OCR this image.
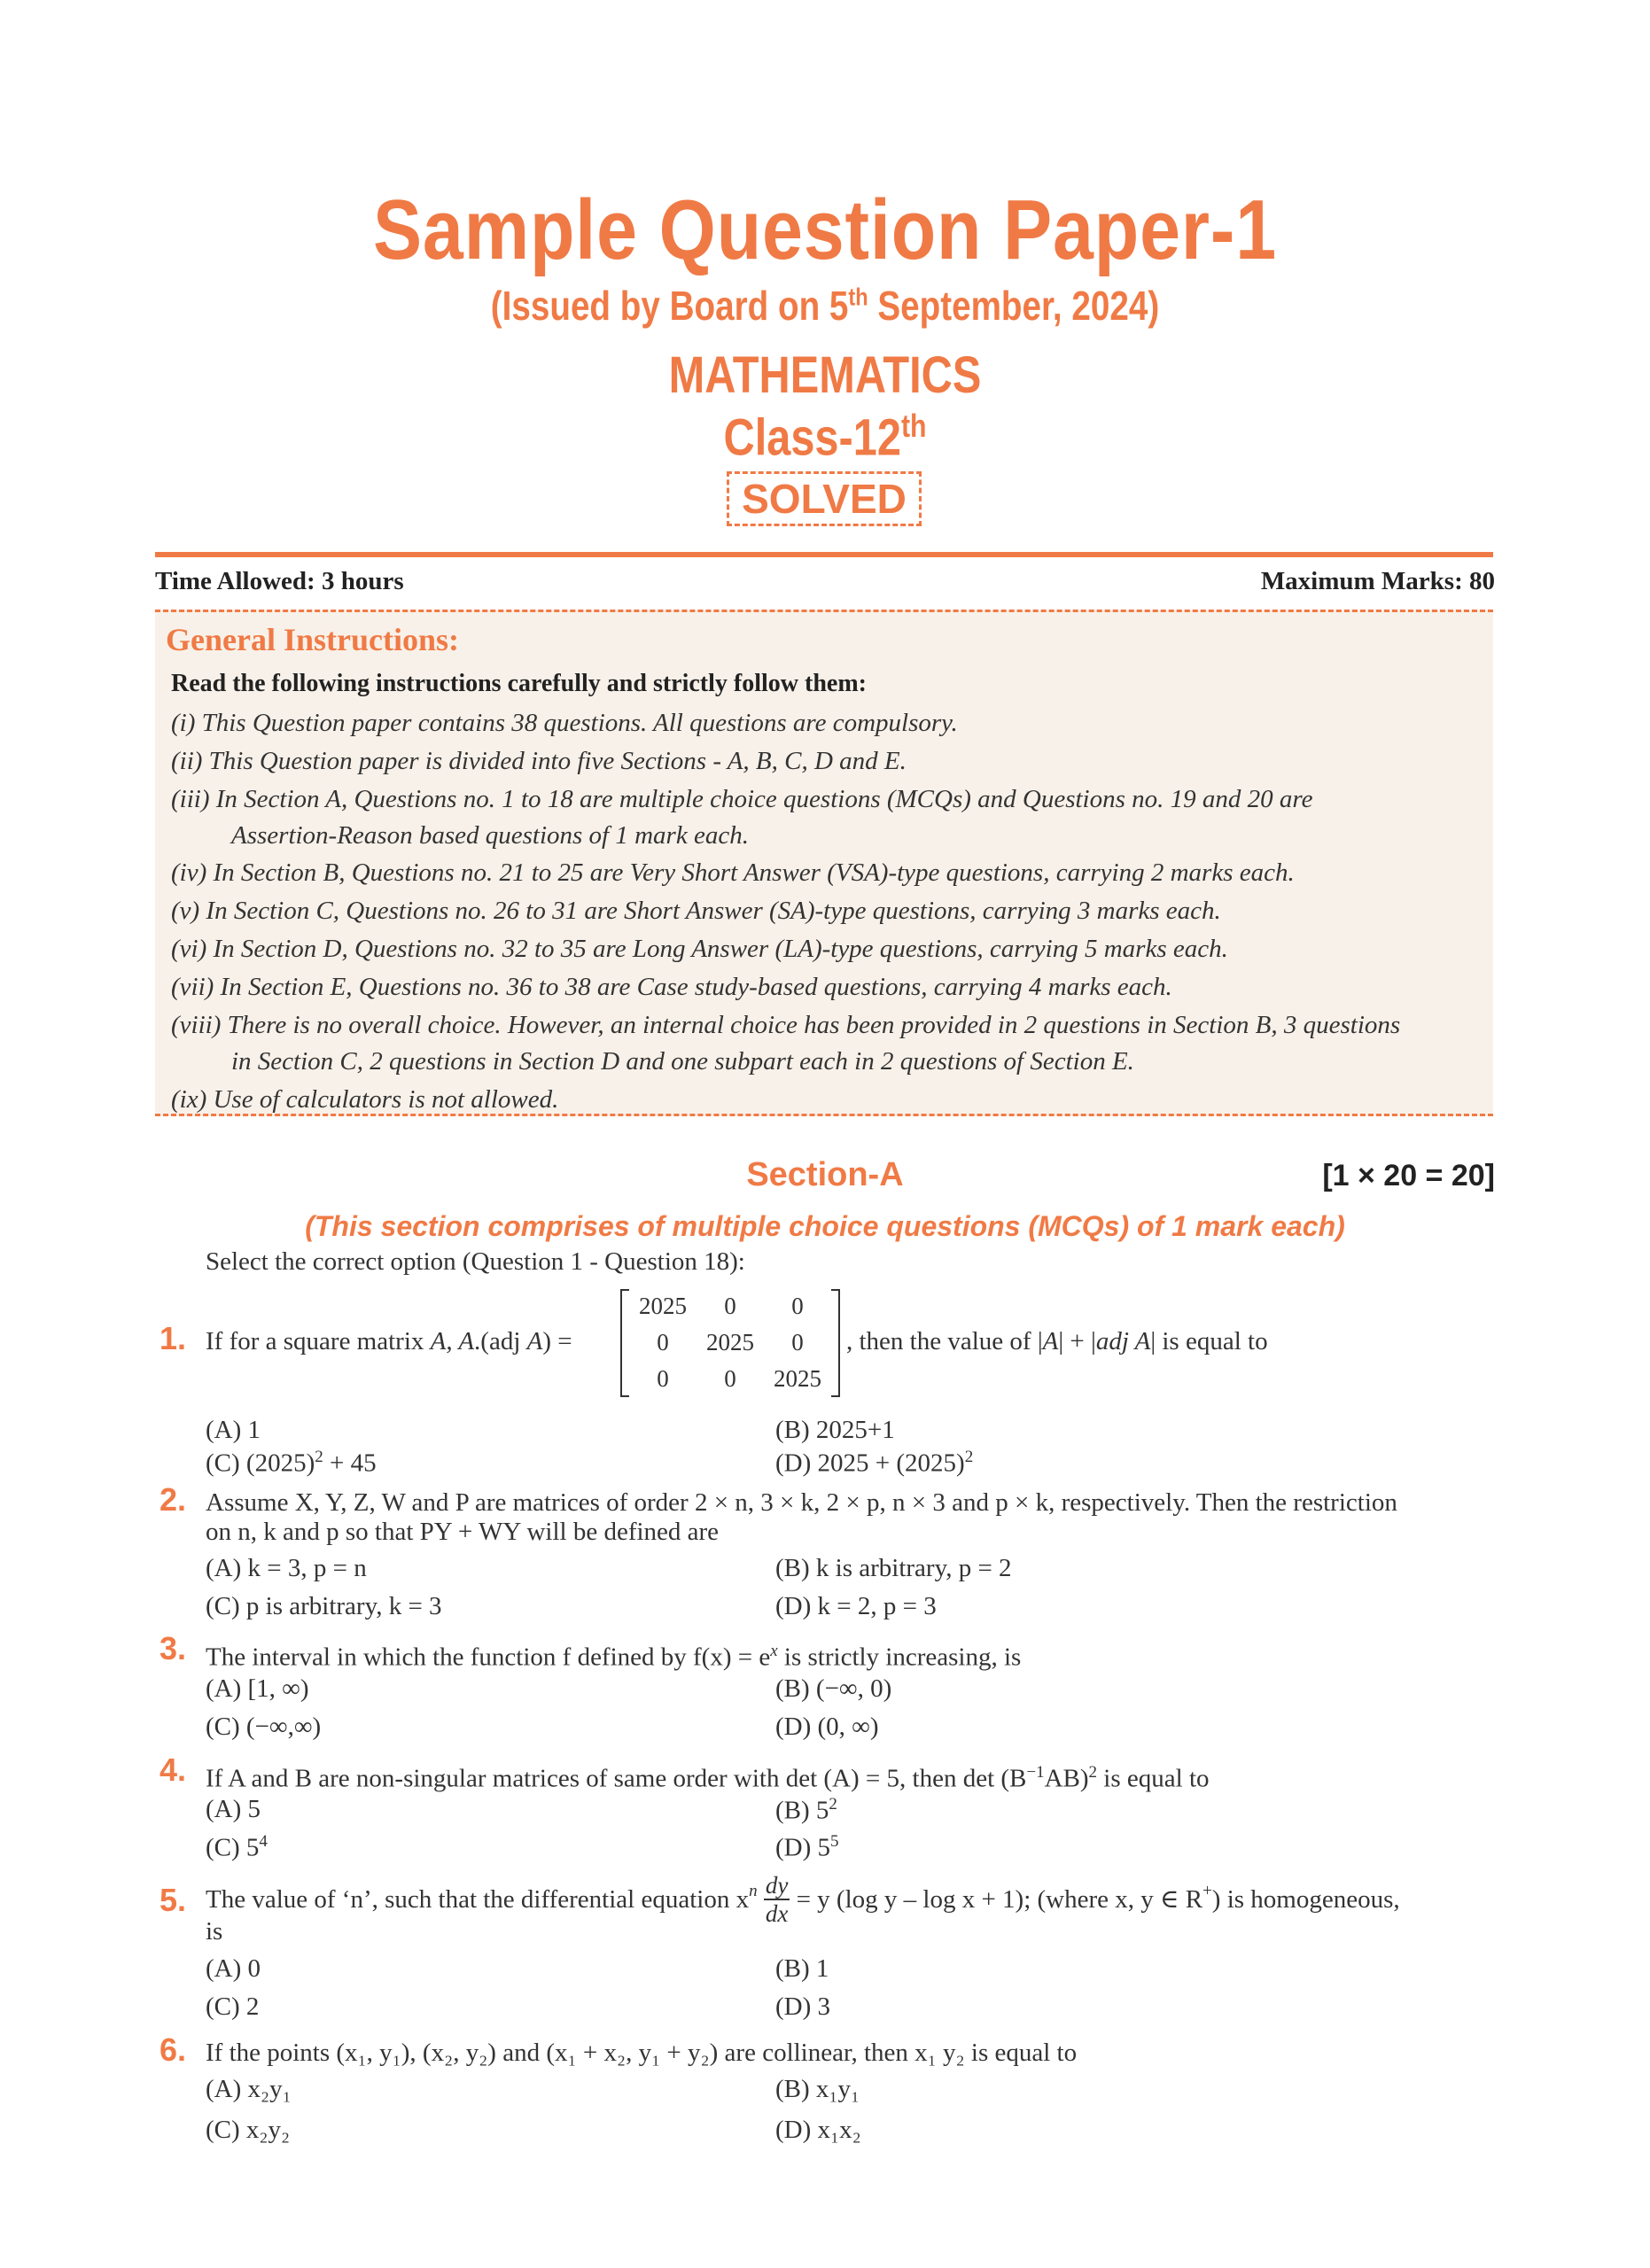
Sample Question Paper-1
(Issued by Board on 5th September, 2024)
MATHEMATICS
Class-12th
SOLVED
Time Allowed: 3 hours	Maximum Marks: 80
General Instructions:
Read the following instructions carefully and strictly follow them:
(i) This Question paper contains 38 questions. All questions are compulsory.
(ii) This Question paper is divided into five Sections - A, B, C, D and E.
(iii) In Section A, Questions no. 1 to 18 are multiple choice questions (MCQs) and Questions no. 19 and 20 are
Assertion-Reason based questions of 1 mark each.
(iv) In Section B, Questions no. 21 to 25 are Very Short Answer (VSA)-type questions, carrying 2 marks each.
(v) In Section C, Questions no. 26 to 31 are Short Answer (SA)-type questions, carrying 3 marks each.
(vi) In Section D, Questions no. 32 to 35 are Long Answer (LA)-type questions, carrying 5 marks each.
(vii) In Section E, Questions no. 36 to 38 are Case study-based questions, carrying 4 marks each.
(viii) There is no overall choice. However, an internal choice has been provided in 2 questions in Section B, 3 questions
in Section C, 2 questions in Section D and one subpart each in 2 questions of Section E.
(ix) Use of calculators is not allowed.
Section-A	[1 × 20 = 20]
(This section comprises of multiple choice questions (MCQs) of 1 mark each)
Select the correct option (Question 1 - Question 18):
1. If for a square matrix A, A.(adj A) =
2025	0	0
0	2025	0
0	0	2025
, then the value of |A| + |adj A| is equal to
(A) 1	(B) 2025+1
(C) $(2025)^2 + 45$	(D) $2025 + (2025)^2$
2. Assume X, Y, Z, W and P are matrices of order 2 × n, 3 × k, 2 × p, n × 3 and p × k, respectively. Then the restriction
on n, k and p so that PY + WY will be defined are
(A) k = 3, p = n	(B) k is arbitrary, p = 2
(C) p is arbitrary, k = 3	(D) k = 2, p = 3
3. The interval in which the function f defined by $f(x) = e^x$ is strictly increasing, is
(A) [1, ∞)	(B) (−∞, 0)
(C) (−∞,∞)	(D) (0, ∞)
4. If A and B are non-singular matrices of same order with det (A) = 5, then $\det (B^{-1}AB)^2$ is equal to
(A) 5	(B) $5^2$
(C) $5^4$	(D) $5^5$
5. The value of ‘n’, such that the differential equation $x^n \frac{dy}{dx} = y$ (log y – log x + 1); (where x, y ∈ R+) is homogeneous,
is
(A) 0	(B) 1
(C) 2	(D) 3
6. If the points (x₁, y₁), (x₂, y₂) and (x₁ + x₂, y₁ + y₂) are collinear, then x₁ y₂ is equal to
(A) x₂y₁	(B) x₁y₁
(C) x₂y₂	(D) x₁x₂
